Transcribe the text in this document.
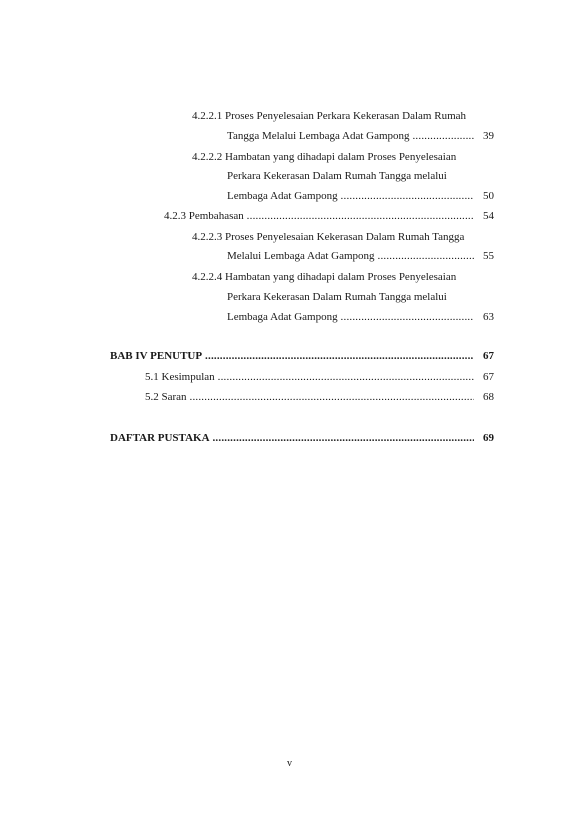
4.2.2.1 Proses Penyelesaian Perkara Kekerasan Dalam Rumah
Tangga Melalui Lembaga Adat Gampong .....	39
4.2.2.2 Hambatan yang dihadapi dalam Proses Penyelesaian
Perkara Kekerasan Dalam Rumah Tangga melalui
Lembaga Adat Gampong .....	50
4.2.3 Pembahasan .....	54
4.2.2.3 Proses Penyelesaian Kekerasan Dalam Rumah Tangga
Melalui Lembaga Adat Gampong .....	55
4.2.2.4 Hambatan yang dihadapi dalam Proses Penyelesaian
Perkara Kekerasan Dalam Rumah Tangga melalui
Lembaga Adat Gampong .....	63
BAB IV PENUTUP .....	67
5.1 Kesimpulan .....	67
5.2 Saran .....	68
DAFTAR PUSTAKA .....	69
v
